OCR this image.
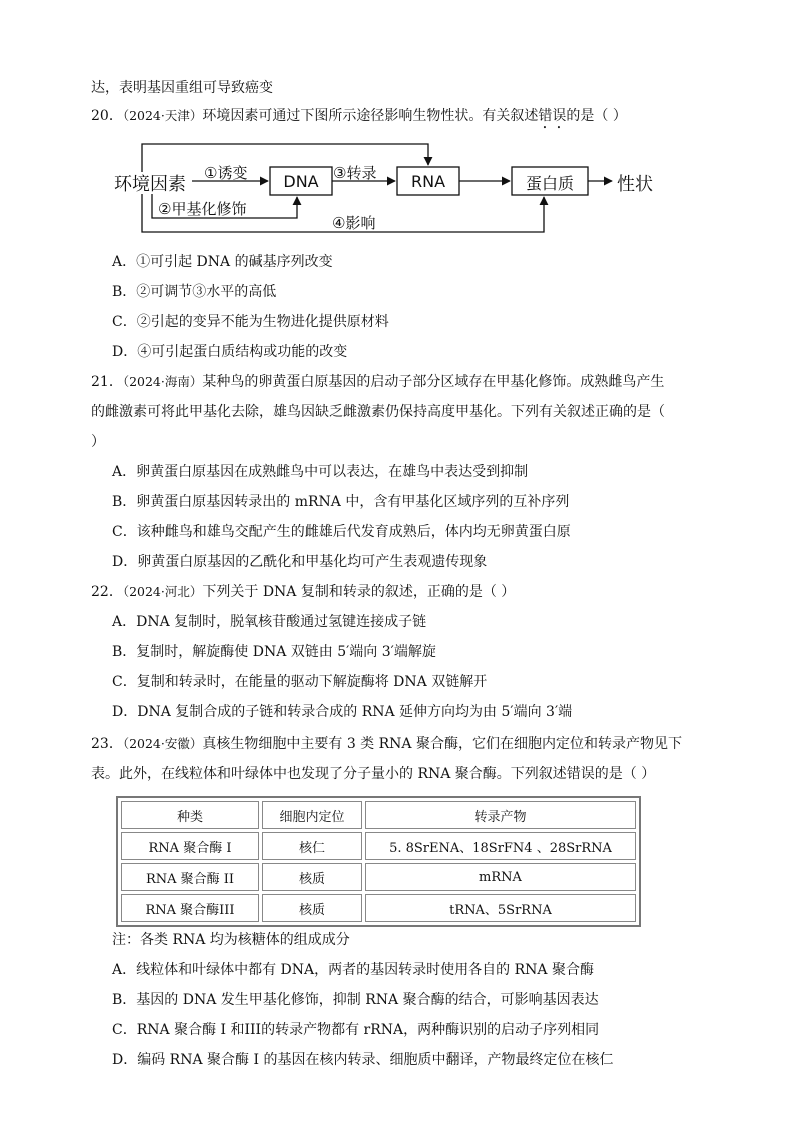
达，表明基因重组可导致癌变
20．（2024·天津）环境因素可通过下图所示途径影响生物性状。有关叙述错误的是（ ）
环境因素	DNA	RNA	蛋白质	性状
①诱变	③转录
②甲基化修饰
④影响
A．①可引起 DNA 的碱基序列改变
B．②可调节③水平的高低
C．②引起的变异不能为生物进化提供原材料
D．④可引起蛋白质结构或功能的改变
21．（2024·海南）某种鸟的卵黄蛋白原基因的启动子部分区域存在甲基化修饰。成熟雌鸟产生
的雌激素可将此甲基化去除，雄鸟因缺乏雌激素仍保持高度甲基化。下列有关叙述正确的是（
）
A．卵黄蛋白原基因在成熟雌鸟中可以表达，在雄鸟中表达受到抑制
B．卵黄蛋白原基因转录出的 mRNA 中，含有甲基化区域序列的互补序列
C．该种雌鸟和雄鸟交配产生的雌雄后代发育成熟后，体内均无卵黄蛋白原
D．卵黄蛋白原基因的乙酰化和甲基化均可产生表观遗传现象
22．（2024·河北）下列关于 DNA 复制和转录的叙述，正确的是（ ）
A．DNA 复制时，脱氧核苷酸通过氢键连接成子链
B．复制时，解旋酶使 DNA 双链由 5′端向 3′端解旋
C．复制和转录时，在能量的驱动下解旋酶将 DNA 双链解开
D．DNA 复制合成的子链和转录合成的 RNA 延伸方向均为由 5′端向 3′端
23．（2024·安徽）真核生物细胞中主要有 3 类 RNA 聚合酶，它们在细胞内定位和转录产物见下
表。此外，在线粒体和叶绿体中也发现了分子量小的 RNA 聚合酶。下列叙述错误的是（ ）
种类	细胞内定位	转录产物
RNA 聚合酶 I	核仁	5. 8SrENA、18SrFN4 、28SrRNA
RNA 聚合酶 II	核质	mRNA
RNA 聚合酶III	核质	tRNA、5SrRNA
注：各类 RNA 均为核糖体的组成成分
A．线粒体和叶绿体中都有 DNA，两者的基因转录时使用各自的 RNA 聚合酶
B．基因的 DNA 发生甲基化修饰，抑制 RNA 聚合酶的结合，可影响基因表达
C．RNA 聚合酶 I 和III的转录产物都有 rRNA，两种酶识别的启动子序列相同
D．编码 RNA 聚合酶 I 的基因在核内转录、细胞质中翻译，产物最终定位在核仁
